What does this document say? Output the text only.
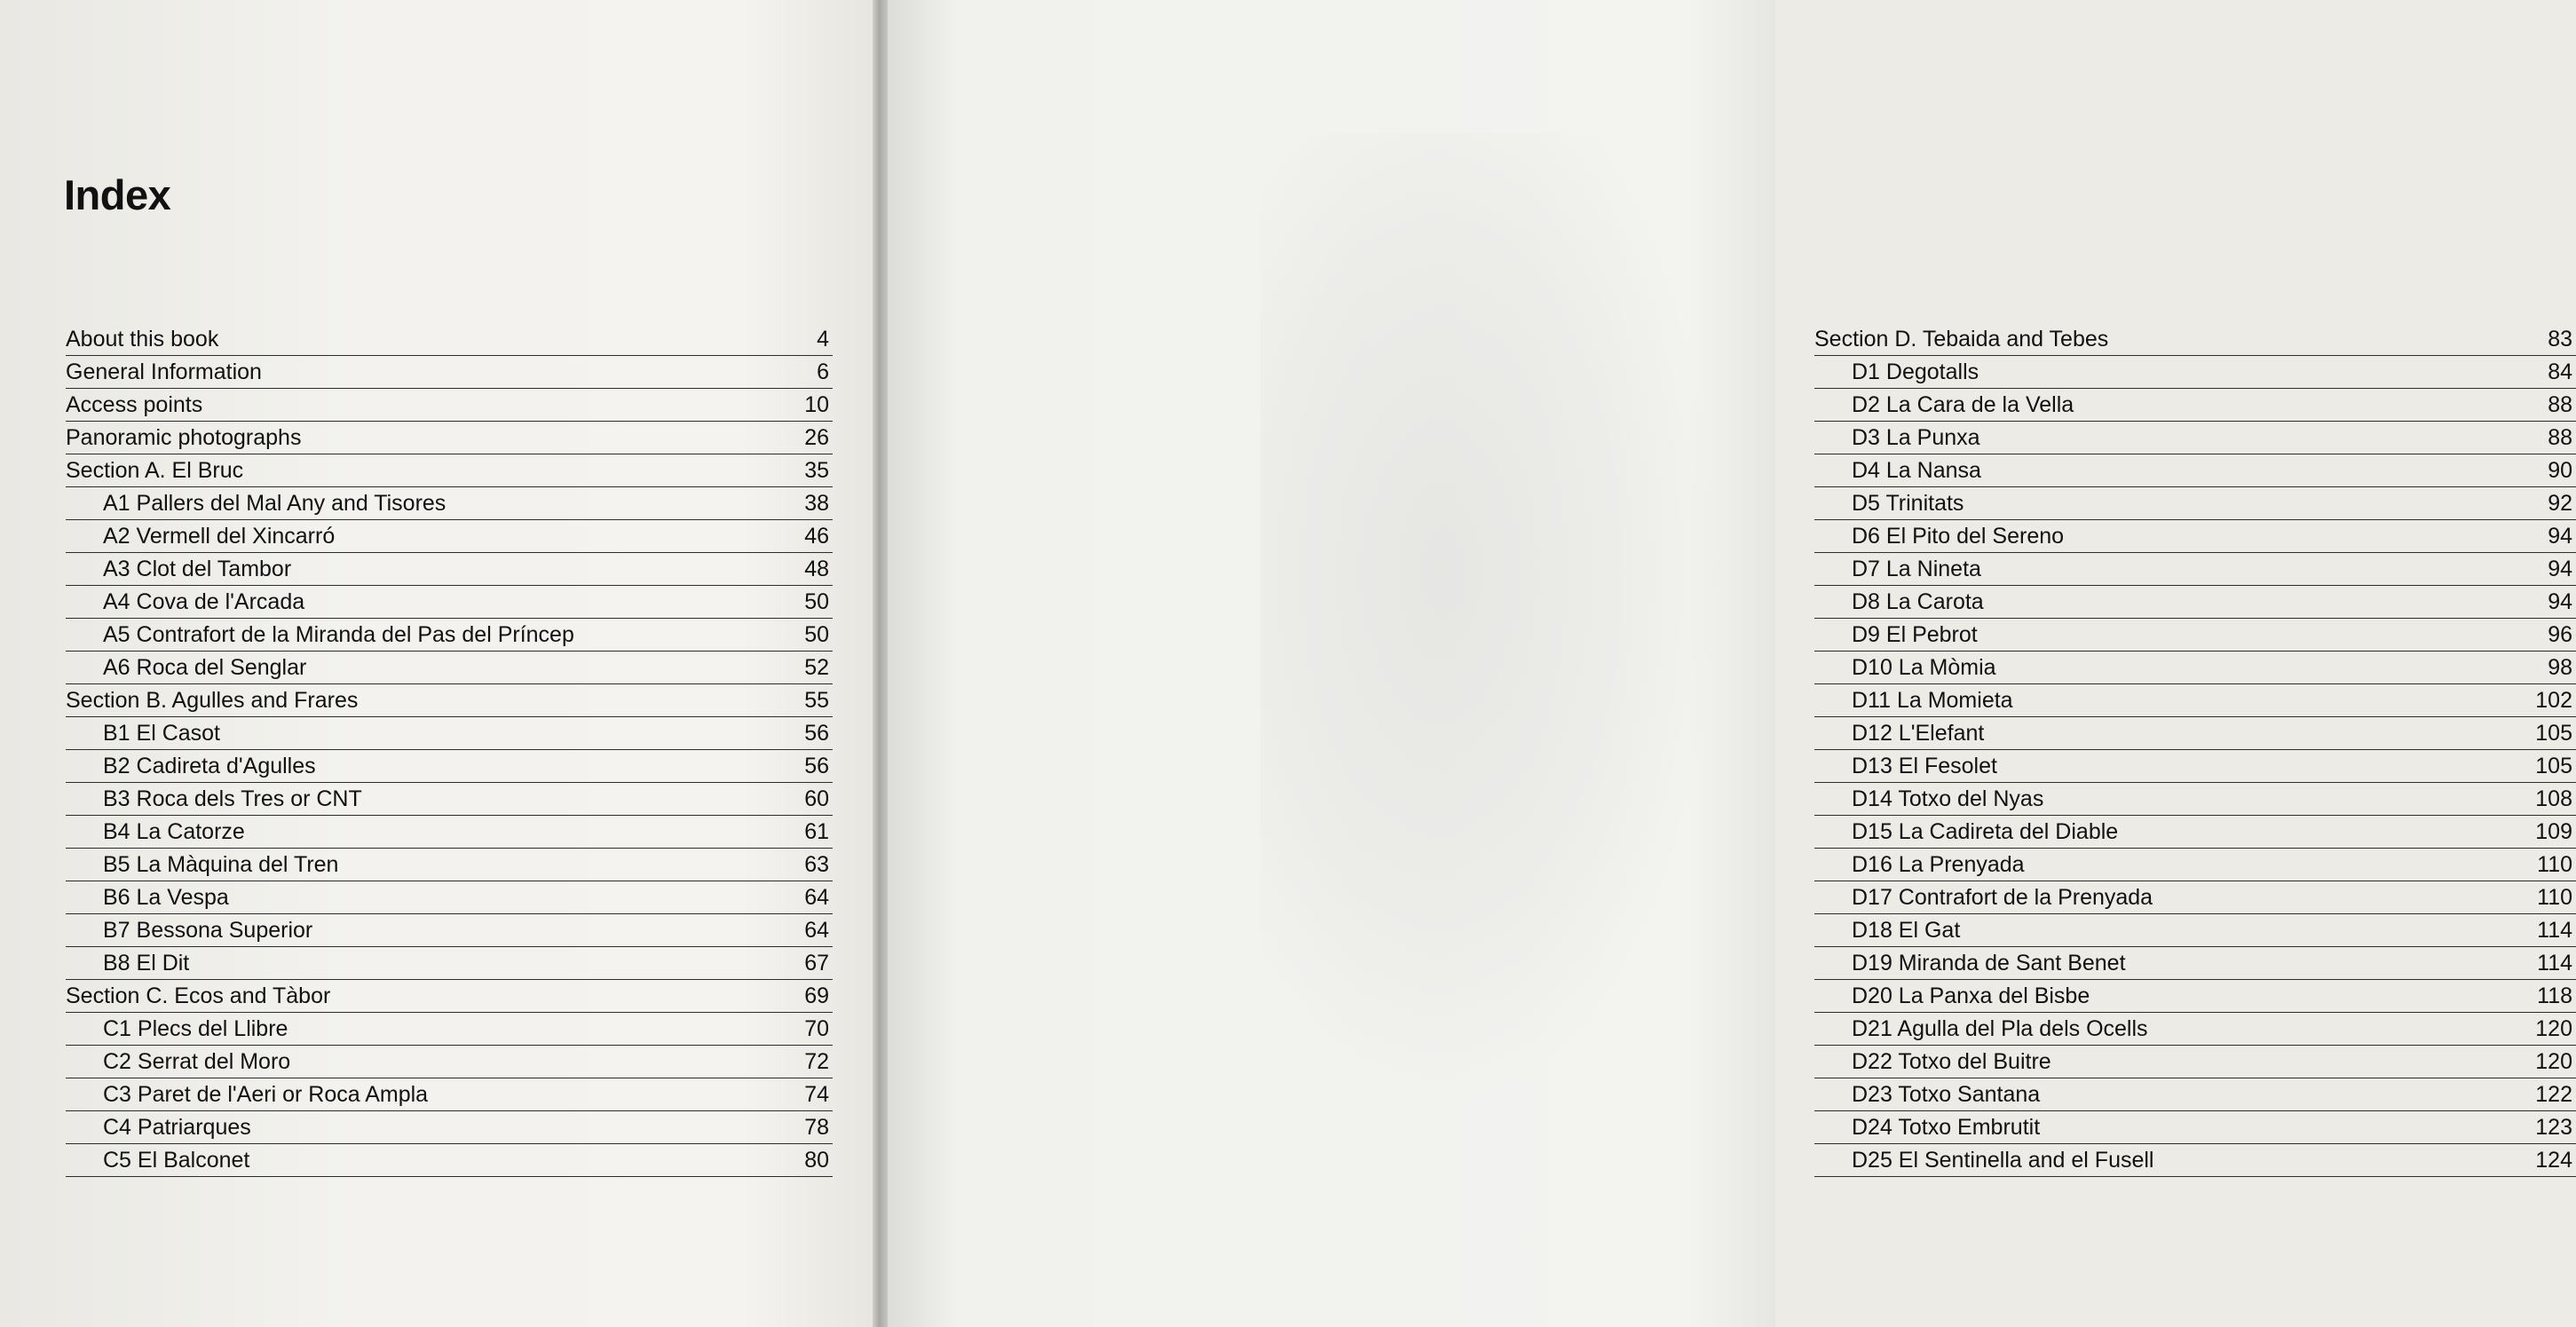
Index
About this book	4
General Information	6
Access points	10
Panoramic photographs	26
Section A. El Bruc	35
A1 Pallers del Mal Any and Tisores	38
A2 Vermell del Xincarró	46
A3 Clot del Tambor	48
A4 Cova de l'Arcada	50
A5 Contrafort de la Miranda del Pas del Príncep	50
A6 Roca del Senglar	52
Section B. Agulles and Frares	55
B1 El Casot	56
B2 Cadireta d'Agulles	56
B3 Roca dels Tres or CNT	60
B4 La Catorze	61
B5 La Màquina del Tren	63
B6 La Vespa	64
B7 Bessona Superior	64
B8 El Dit	67
Section C. Ecos and Tàbor	69
C1 Plecs del Llibre	70
C2 Serrat del Moro	72
C3 Paret de l'Aeri or Roca Ampla	74
C4 Patriarques	78
C5 El Balconet	80
Section D. Tebaida and Tebes	83
D1 Degotalls	84
D2 La Cara de la Vella	88
D3 La Punxa	88
D4 La Nansa	90
D5 Trinitats	92
D6 El Pito del Sereno	94
D7 La Nineta	94
D8 La Carota	94
D9 El Pebrot	96
D10 La Mòmia	98
D11 La Momieta	102
D12 L'Elefant	105
D13 El Fesolet	105
D14 Totxo del Nyas	108
D15 La Cadireta del Diable	109
D16 La Prenyada	110
D17 Contrafort de la Prenyada	110
D18 El Gat	114
D19 Miranda de Sant Benet	114
D20 La Panxa del Bisbe	118
D21 Agulla del Pla dels Ocells	120
D22 Totxo del Buitre	120
D23 Totxo Santana	122
D24 Totxo Embrutit	123
D25 El Sentinella and el Fusell	124
